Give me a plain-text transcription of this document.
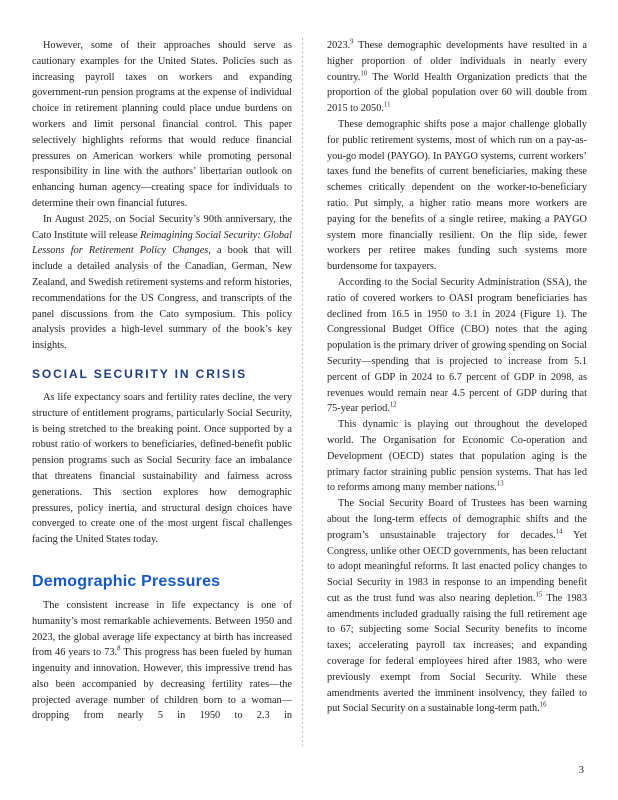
However, some of their approaches should serve as cautionary examples for the United States. Policies such as increasing payroll taxes on workers and expanding government-run pension programs at the expense of individual choice in retirement planning could place undue burdens on workers and limit personal financial control. This paper selectively highlights reforms that would reduce financial pressures on American workers while promoting personal responsibility in line with the authors’ libertarian outlook on enhancing human agency—creating space for individuals to determine their own financial futures.

In August 2025, on Social Security’s 90th anniversary, the Cato Institute will release Reimagining Social Security: Global Lessons for Retirement Policy Changes, a book that will include a detailed analysis of the Canadian, German, New Zealand, and Swedish retirement systems and reform histories, recommendations for the US Congress, and transcripts of the panel discussions from the Cato symposium. This policy analysis provides a high-level summary of the book’s key insights.

SOCIAL SECURITY IN CRISIS

As life expectancy soars and fertility rates decline, the very structure of entitlement programs, particularly Social Security, is being stretched to the breaking point. Once supported by a robust ratio of workers to beneficiaries, defined-benefit public pension programs such as Social Security face an imbalance that threatens financial sustainability and fairness across generations. This section explores how demographic pressures, policy inertia, and structural design choices have converged to create one of the most urgent fiscal challenges facing the United States today.

Demographic Pressures

The consistent increase in life expectancy is one of humanity’s most remarkable achievements. Between 1950 and 2023, the global average life expectancy at birth has increased from 46 years to 73.$^8$ This progress has been fueled by human ingenuity and innovation. However, this impressive trend has also been accompanied by decreasing fertility rates—the projected average number of children born to a woman—dropping from nearly 5 in 1950 to 2.3 in

2023.$^9$ These demographic developments have resulted in a higher proportion of older individuals in nearly every country.$^{10}$ The World Health Organization predicts that the proportion of the global population over 60 will double from 2015 to 2050.11

These demographic shifts pose a major challenge globally for public retirement systems, most of which run on a pay-as-you-go model (PAYGO). In PAYGO systems, current workers’ taxes fund the benefits of current beneficiaries, making these schemes critically dependent on the worker-to-beneficiary ratio. Put simply, a higher ratio means more workers are paying for the benefits of a single retiree, making a PAYGO system more financially resilient. On the flip side, fewer workers per retiree makes funding such systems more burdensome for taxpayers.

According to the Social Security Administration (SSA), the ratio of covered workers to OASI program beneficiaries has declined from 16.5 in 1950 to 3.1 in 2024 (Figure 1). The Congressional Budget Office (CBO) notes that the aging population is the primary driver of growing spending on Social Security—spending that is projected to increase from 5.1 percent of GDP in 2024 to 6.7 percent of GDP in 2098, as revenues would remain near 4.5 percent of GDP during that 75-year period.$^{12}$

This dynamic is playing out throughout the developed world. The Organisation for Economic Co-operation and Development (OECD) states that population aging is the primary factor straining public pension systems. That has led to reforms among many member nations.$^{13}$

The Social Security Board of Trustees has been warning about the long-term effects of demographic shifts and the program’s unsustainable trajectory for decades.$^{14}$ Yet Congress, unlike other OECD governments, has been reluctant to adopt meaningful reforms. It last enacted policy changes to Social Security in 1983 in response to an impending benefit cut as the trust fund was also nearing depletion.$^{15}$ The 1983 amendments included gradually raising the full retirement age to 67; subjecting some Social Security benefits to income taxes; accelerating payroll tax increases; and expanding coverage for federal employees hired after 1983, who were previously exempt from Social Security. While these amendments averted the imminent insolvency, they failed to put Social Security on a sustainable long-term path.$^{16}$

3
